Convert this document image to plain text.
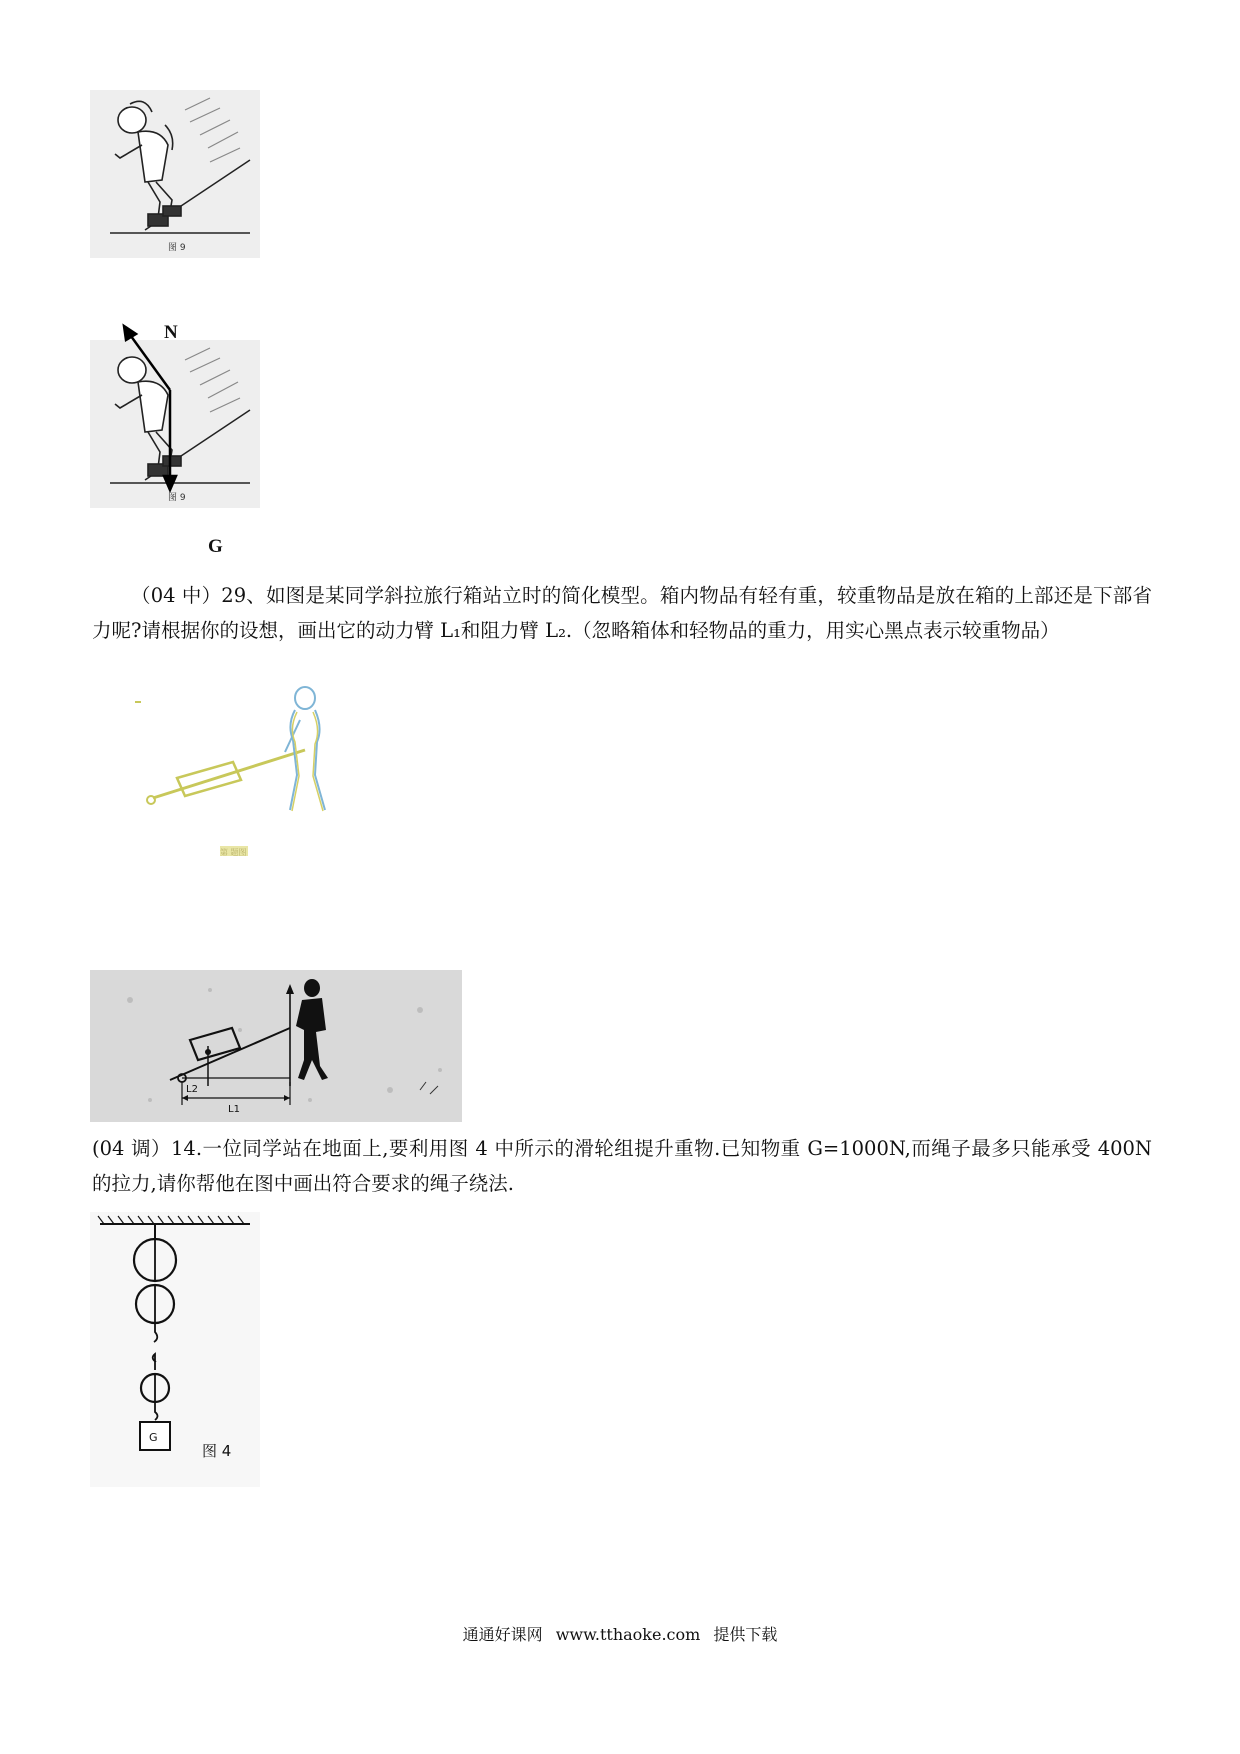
图 9
图 9
N
G

（04 中）29、如图是某同学斜拉旅行箱站立时的简化模型。箱内物品有轻有重，较重物品是放在箱的上部还是下部省力呢?请根据你的设想，画出它的动力臂 L₁和阻力臂 L₂.（忽略箱体和轻物品的重力，用实心黑点表示较重物品）

第 题图
L2
L1

(04 调）14.一位同学站在地面上,要利用图 4 中所示的滑轮组提升重物.已知物重 G=1000N,而绳子最多只能承受 400N 的拉力,请你帮他在图中画出符合要求的绳子绕法.

G
图 4
通通好课网 www.tthaoke.com 提供下载
